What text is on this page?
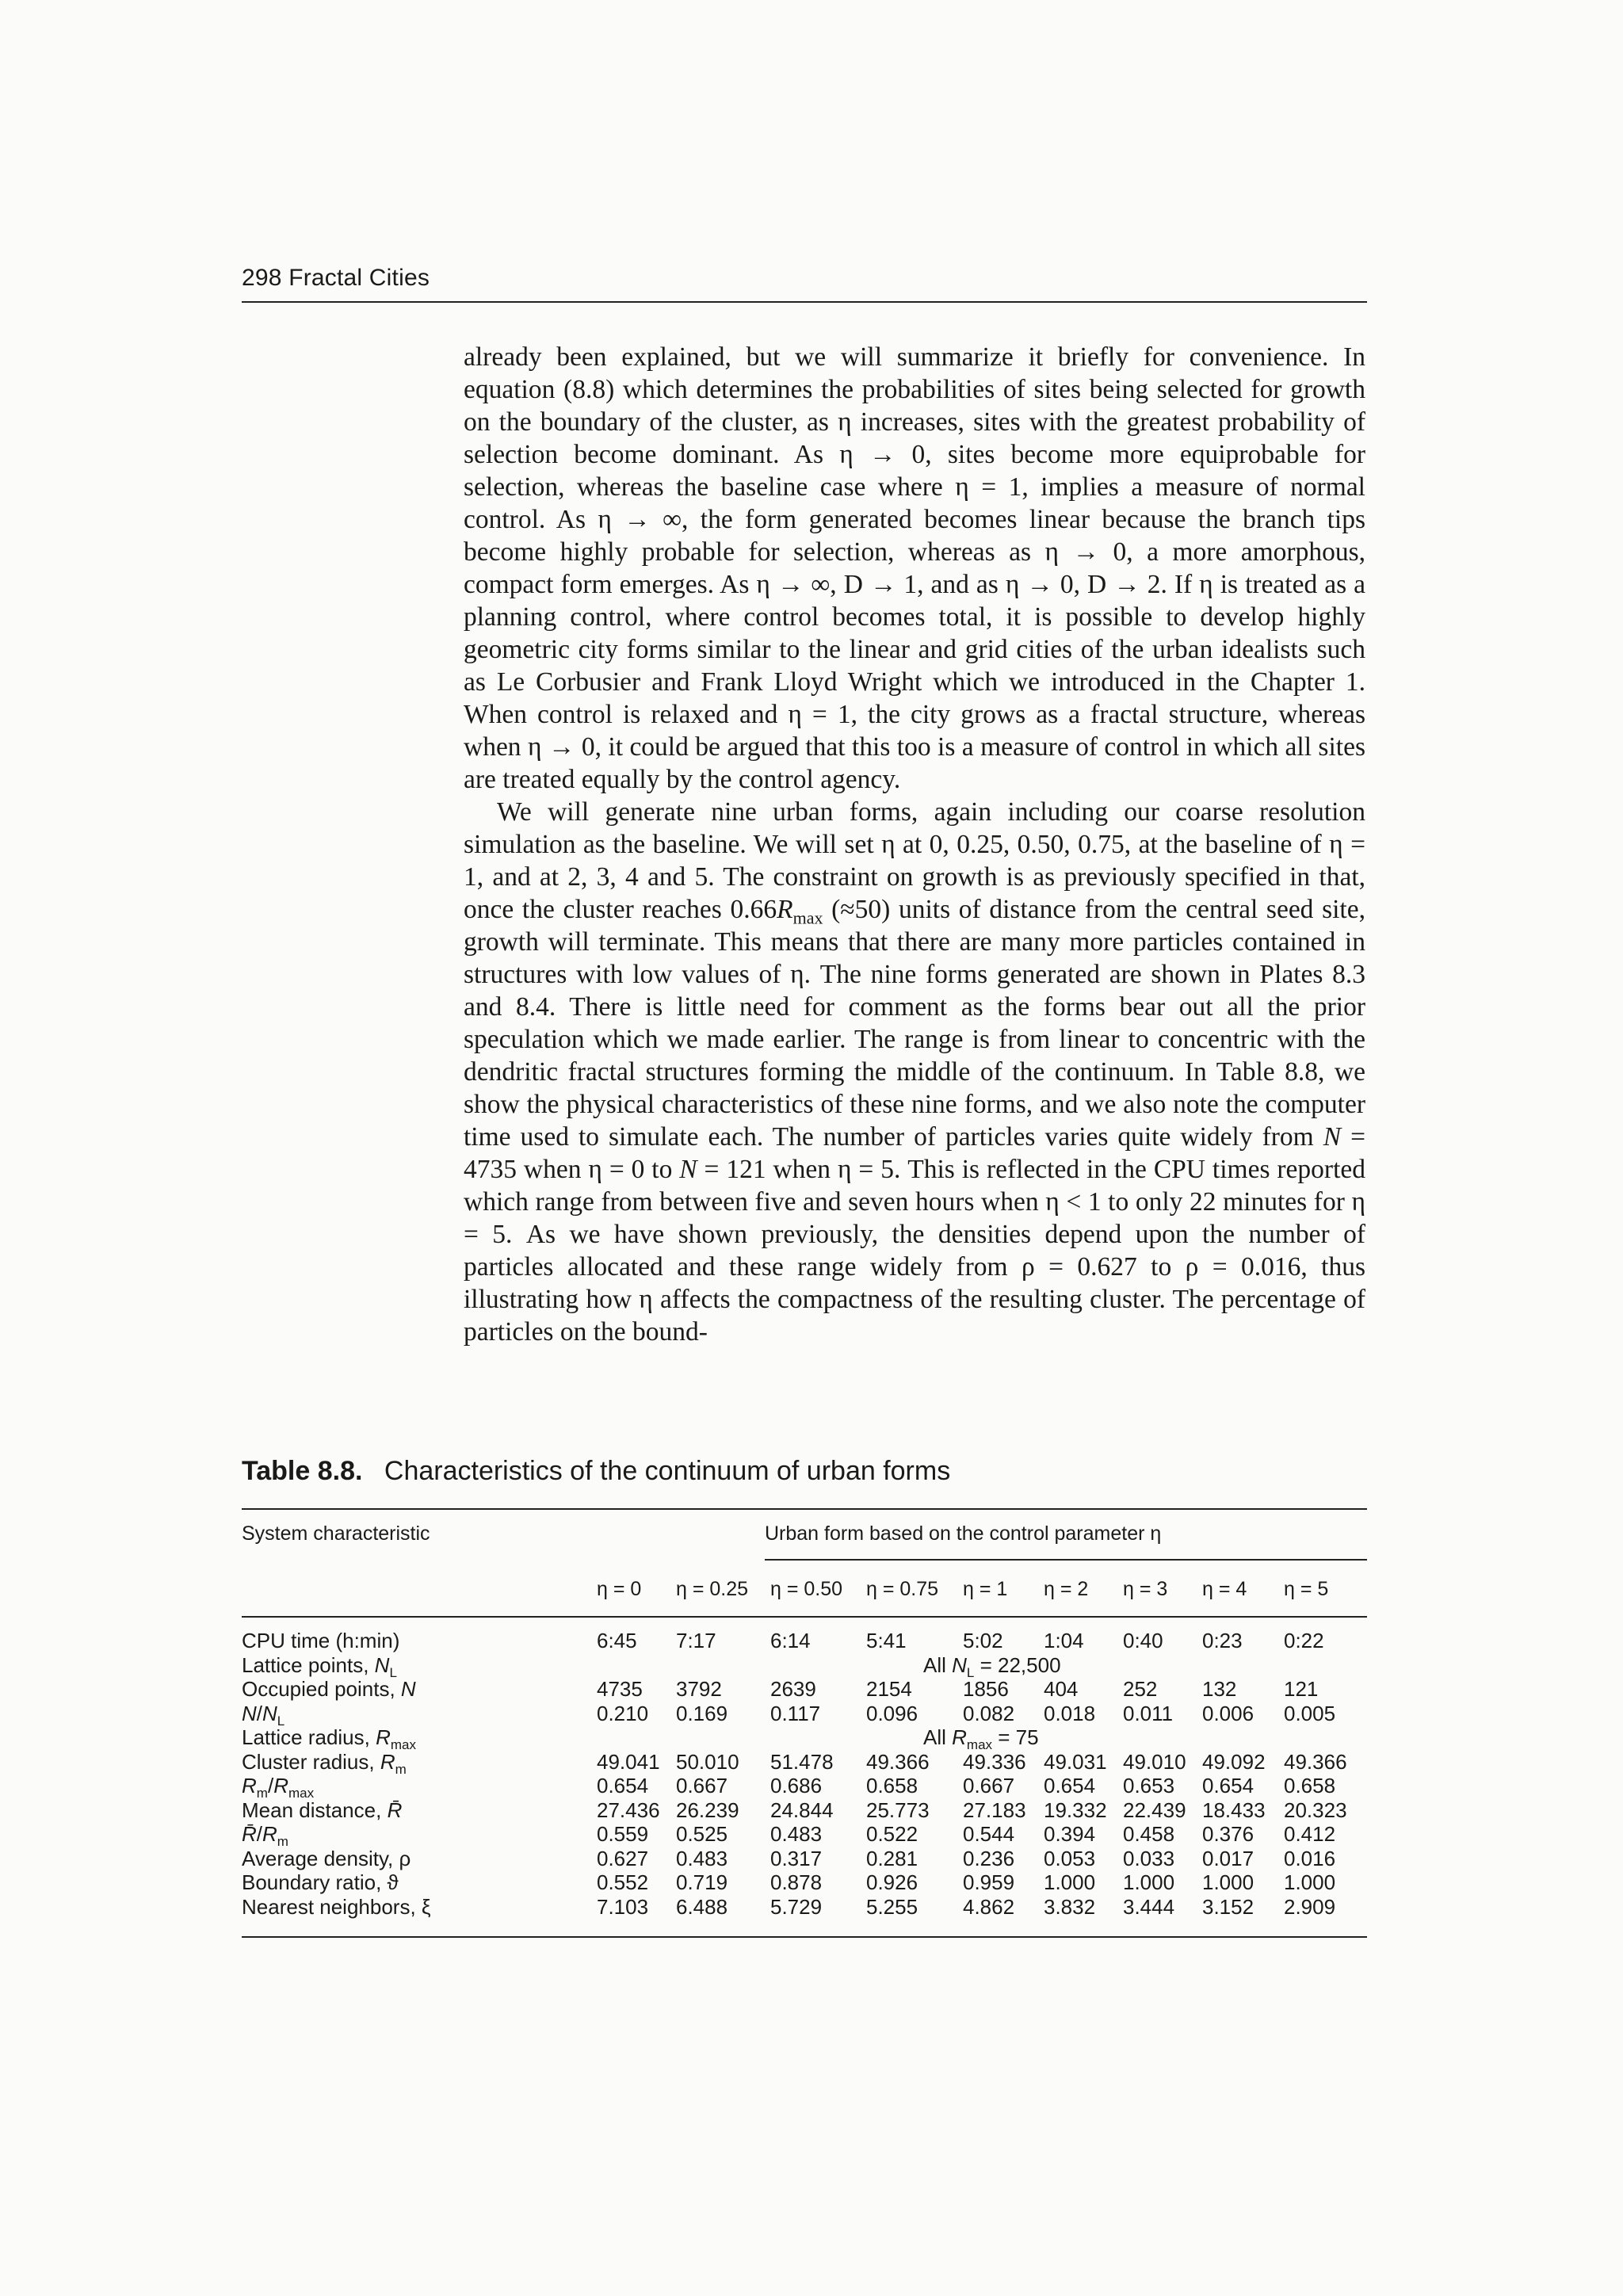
298 Fractal Cities

already been explained, but we will summarize it briefly for convenience. In equation (8.8) which determines the probabilities of sites being selected for growth on the boundary of the cluster, as η increases, sites with the greatest probability of selection become dominant. As η → 0, sites become more equiprobable for selection, whereas the baseline case where η = 1, implies a measure of normal control. As η → ∞, the form generated becomes linear because the branch tips become highly probable for selection, whereas as η → 0, a more amorphous, compact form emerges. As η → ∞, D → 1, and as η → 0, D → 2. If η is treated as a planning control, where control becomes total, it is possible to develop highly geometric city forms similar to the linear and grid cities of the urban idealists such as Le Corbusier and Frank Lloyd Wright which we introduced in the Chapter 1. When control is relaxed and η = 1, the city grows as a fractal structure, whereas when η → 0, it could be argued that this too is a measure of control in which all sites are treated equally by the control agency.

We will generate nine urban forms, again including our coarse resolution simulation as the baseline. We will set η at 0, 0.25, 0.50, 0.75, at the baseline of η = 1, and at 2, 3, 4 and 5. The constraint on growth is as previously specified in that, once the cluster reaches $0.66R_{max}$ (≈50) units of distance from the central seed site, growth will terminate. This means that there are many more particles contained in structures with low values of η. The nine forms generated are shown in Plates 8.3 and 8.4. There is little need for comment as the forms bear out all the prior speculation which we made earlier. The range is from linear to concentric with the dendritic fractal structures forming the middle of the continuum. In Table 8.8, we show the physical characteristics of these nine forms, and we also note the computer time used to simulate each. The number of particles varies quite widely from N = 4735 when η = 0 to N = 121 when η = 5. This is reflected in the CPU times reported which range from between five and seven hours when η < 1 to only 22 minutes for η = 5. As we have shown previously, the densities depend upon the number of particles allocated and these range widely from ρ = 0.627 to ρ = 0.016, thus illustrating how η affects the compactness of the resulting cluster. The percentage of particles on the bound-

Table 8.8. Characteristics of the continuum of urban forms
System characteristic	Urban form based on the control parameter η
η = 0 η = 0.25 η = 0.50 η = 0.75 η = 1 η = 2 η = 3 η = 4 η = 5
CPU time (h:min)	6:45 7:17	6:14	5:41	5:02 1:04 0:40 0:23 0:22
Lattice points, $N_L$	All $N_L = 22,500$
Occupied points, N	4735 3792 2639 2154 1856 404 252 132 121
$N/N_L$	0.210 0.169 0.117 0.096 0.082 0.018 0.011 0.006 0.005
Lattice radius, $R_{max}$	All $R_{max} = 75$
Cluster radius, $R_m$	49.041 50.010 51.478 49.366 49.336 49.031 49.010 49.092 49.366
$R_m/R_{max}$	0.654 0.667 0.686 0.658 0.667 0.654 0.653 0.654 0.658
Mean distance, R̄	27.436 26.239 24.844 25.773 27.183 19.332 22.439 18.433 20.323
$R̄/R_m$	0.559 0.525 0.483 0.522 0.544 0.394 0.458 0.376 0.412
Average density, ρ	0.627 0.483 0.317 0.281 0.236 0.053 0.033 0.017 0.016
Boundary ratio, ϑ	0.552 0.719 0.878 0.926 0.959 1.000 1.000 1.000 1.000
Nearest neighbors, ξ	7.103 6.488 5.729 5.255 4.862 3.832 3.444 3.152 2.909
